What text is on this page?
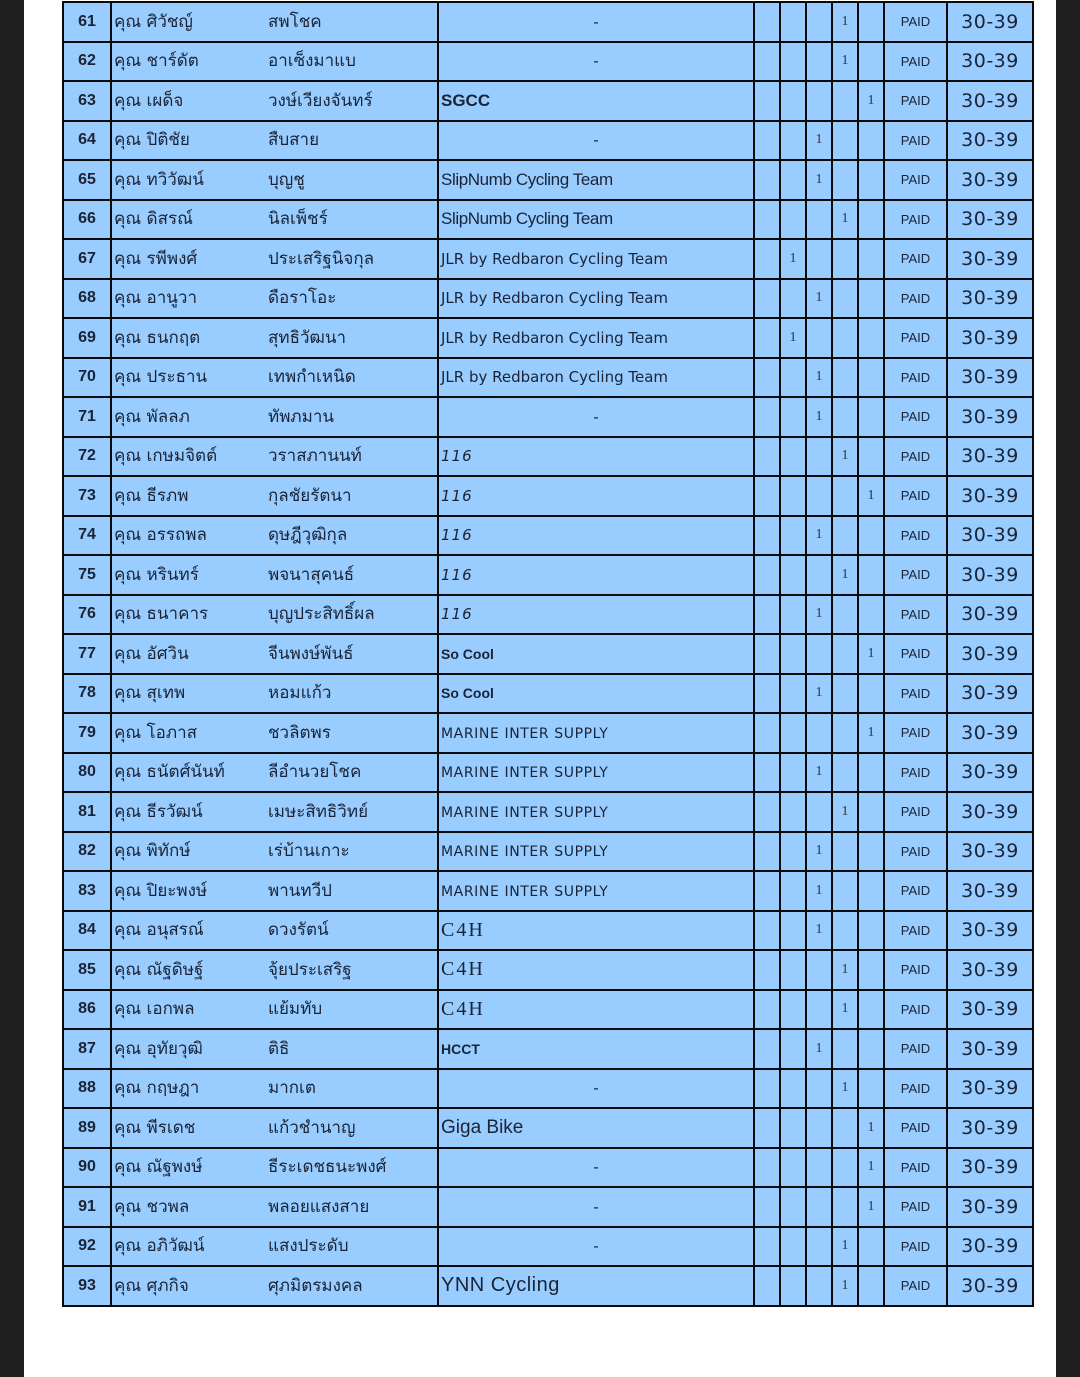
61	คุณ ศิวัชญ์ สพโชค	-				1		PAID	30-39
62	คุณ ชาร์ดัต อาเซ็งมาแบ	-				1		PAID	30-39
63	คุณ เผด็จ วงษ์เวียงจันทร์	SGCC					1	PAID	30-39
64	คุณ ปิติชัย สืบสาย	-			1			PAID	30-39
65	คุณ ทวิวัฒน์ บุญชู	SlipNumb Cycling Team			1			PAID	30-39
66	คุณ ดิสรณ์ นิลเพ็ชร์	SlipNumb Cycling Team				1		PAID	30-39
67	คุณ รพีพงศ์ ประเสริฐนิจกุล	JLR by Redbaron Cycling Team		1				PAID	30-39
68	คุณ อานูวา ดือราโอะ	JLR by Redbaron Cycling Team			1			PAID	30-39
69	คุณ ธนกฤต สุทธิวัฒนา	JLR by Redbaron Cycling Team		1				PAID	30-39
70	คุณ ประธาน เทพกำเหนิด	JLR by Redbaron Cycling Team			1			PAID	30-39
71	คุณ พัลลภ ทัพภมาน	-			1			PAID	30-39
72	คุณ เกษมจิตต์ วราสภานนท์	116				1		PAID	30-39
73	คุณ ธีรภพ กุลชัยรัตนา	116					1	PAID	30-39
74	คุณ อรรถพล ดุษฎีวุฒิกุล	116			1			PAID	30-39
75	คุณ หรินทร์ พจนาสุคนธ์	116				1		PAID	30-39
76	คุณ ธนาคาร บุญประสิทธิ์ผล	116			1			PAID	30-39
77	คุณ อัศวิน จีนพงษ์พันธ์	So Cool					1	PAID	30-39
78	คุณ สุเทพ หอมแก้ว	So Cool			1			PAID	30-39
79	คุณ โอภาส ชวลิตพร	MARINE INTER SUPPLY					1	PAID	30-39
80	คุณ ธนัตศ์นันท์ ลีอำนวยโชค	MARINE INTER SUPPLY			1			PAID	30-39
81	คุณ ธีรวัฒน์ เมษะสิทธิวิทย์	MARINE INTER SUPPLY				1		PAID	30-39
82	คุณ พิทักษ์ เร่บ้านเกาะ	MARINE INTER SUPPLY			1			PAID	30-39
83	คุณ ปิยะพงษ์ พานทวีป	MARINE INTER SUPPLY			1			PAID	30-39
84	คุณ อนุสรณ์ ดวงรัตน์	C4H			1			PAID	30-39
85	คุณ ณัฐดิษฐ์ จุ้ยประเสริฐ	C4H				1		PAID	30-39
86	คุณ เอกพล แย้มทับ	C4H				1		PAID	30-39
87	คุณ อุทัยวุฒิ ติธิ	HCCT			1			PAID	30-39
88	คุณ กฤษฎา มากเต	-				1		PAID	30-39
89	คุณ พีรเดช แก้วชำนาญ	Giga Bike					1	PAID	30-39
90	คุณ ณัฐพงษ์ ธีระเดชธนะพงศ์	-					1	PAID	30-39
91	คุณ ชวพล พลอยแสงสาย	-					1	PAID	30-39
92	คุณ อภิวัฒน์ แสงประดับ	-				1		PAID	30-39
93	คุณ ศุภกิจ ศุภมิตรมงคล	YNN Cycling				1		PAID	30-39
